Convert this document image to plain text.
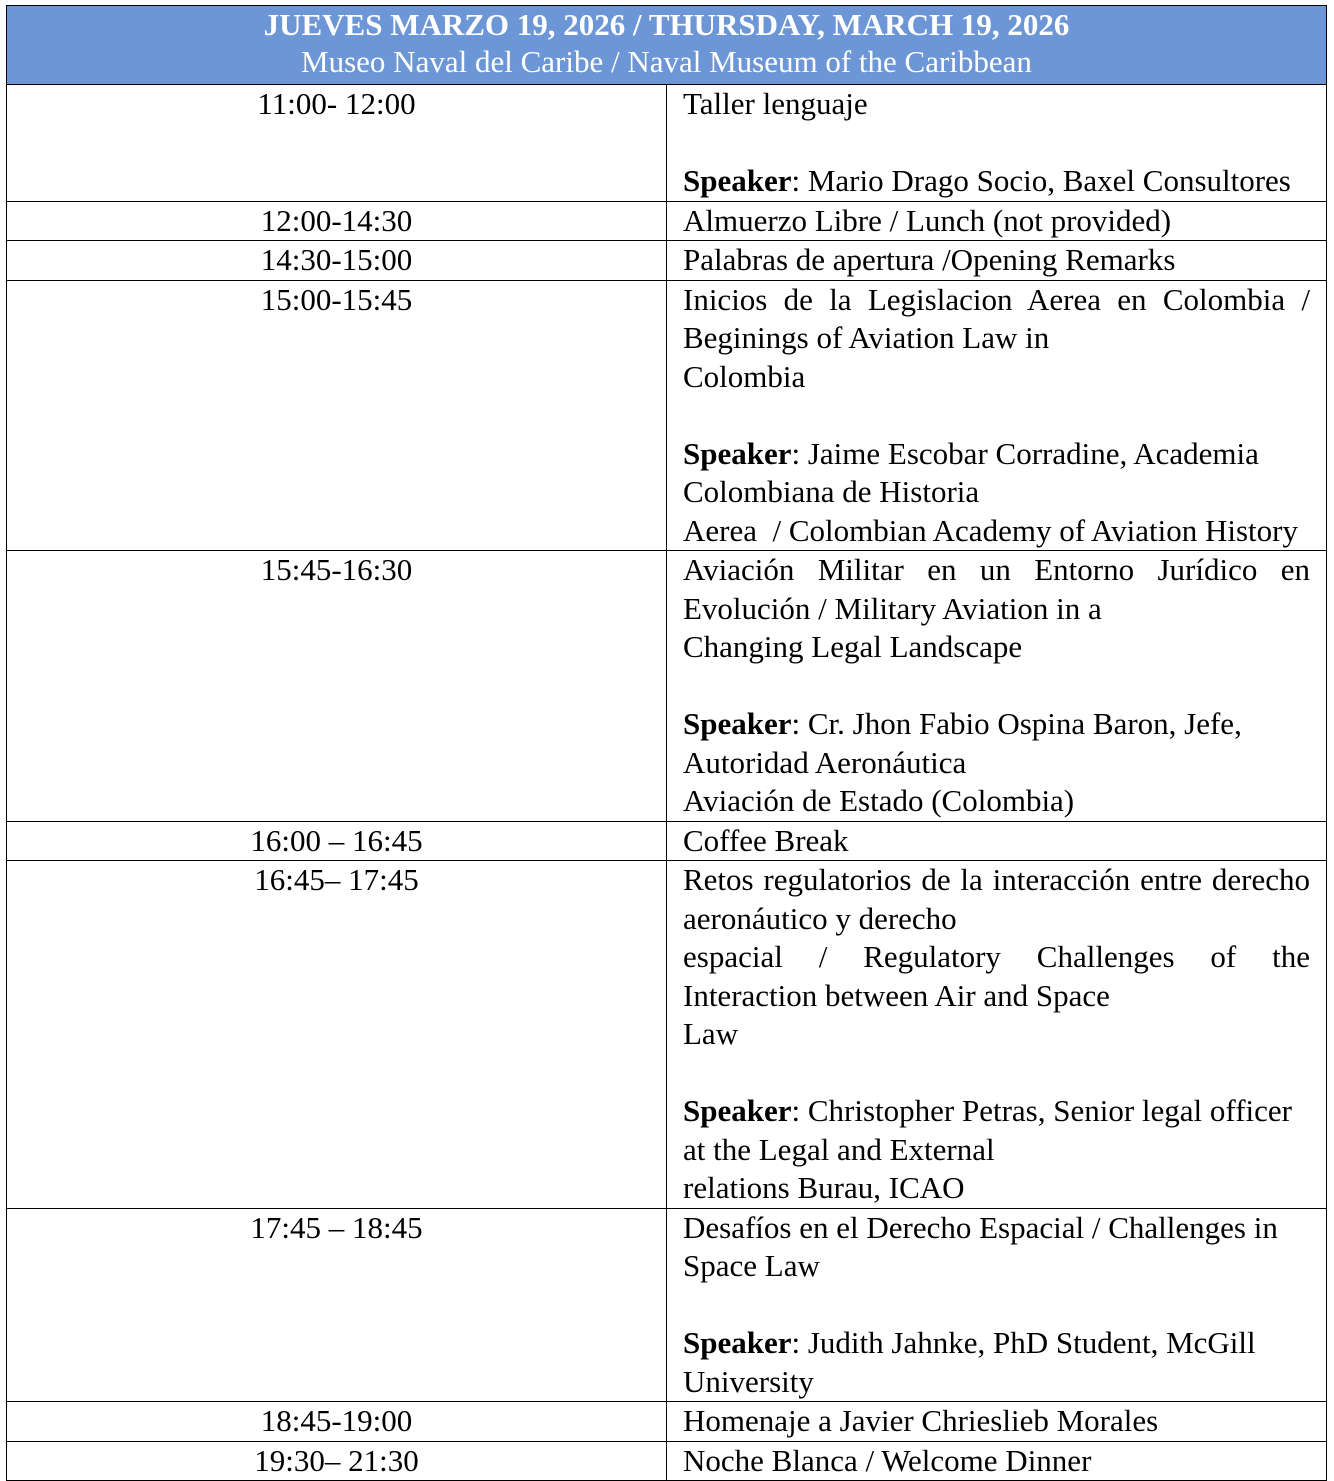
JUEVES MARZO 19, 2026 / THURSDAY, MARCH 19, 2026
Museo Naval del Caribe / Naval Museum of the Caribbean	

11:00- 12:00	Taller lenguaje
Speaker: Mario Drago Socio, Baxel Consultores

12:00-14:30	Almuerzo Libre / Lunch (not provided)

14:30-15:00	Palabras de apertura /Opening Remarks

15:00-15:45	Inicios de la Legislacion Aerea en Colombia / Beginings of Aviation Law in
Colombia
Speaker: Jaime Escobar Corradine, Academia Colombiana de Historia
Aerea  / Colombian Academy of Aviation History

15:45-16:30	Aviación Militar en un Entorno Jurídico en Evolución / Military Aviation in a
Changing Legal Landscape
Speaker: Cr. Jhon Fabio Ospina Baron, Jefe, Autoridad Aeronáutica
Aviación de Estado (Colombia)

16:00 – 16:45	Coffee Break

16:45– 17:45	Retos regulatorios de la interacción entre derecho aeronáutico y derecho
espacial / Regulatory Challenges of the Interaction between Air and Space
Law
Speaker: Christopher Petras, Senior legal officer at the Legal and External
relations Burau, ICAO

17:45 – 18:45	Desafíos en el Derecho Espacial / Challenges in Space Law
Speaker: Judith Jahnke, PhD Student, McGill University

18:45-19:00	Homenaje a Javier Chrieslieb Morales

19:30– 21:30	Noche Blanca / Welcome Dinner
